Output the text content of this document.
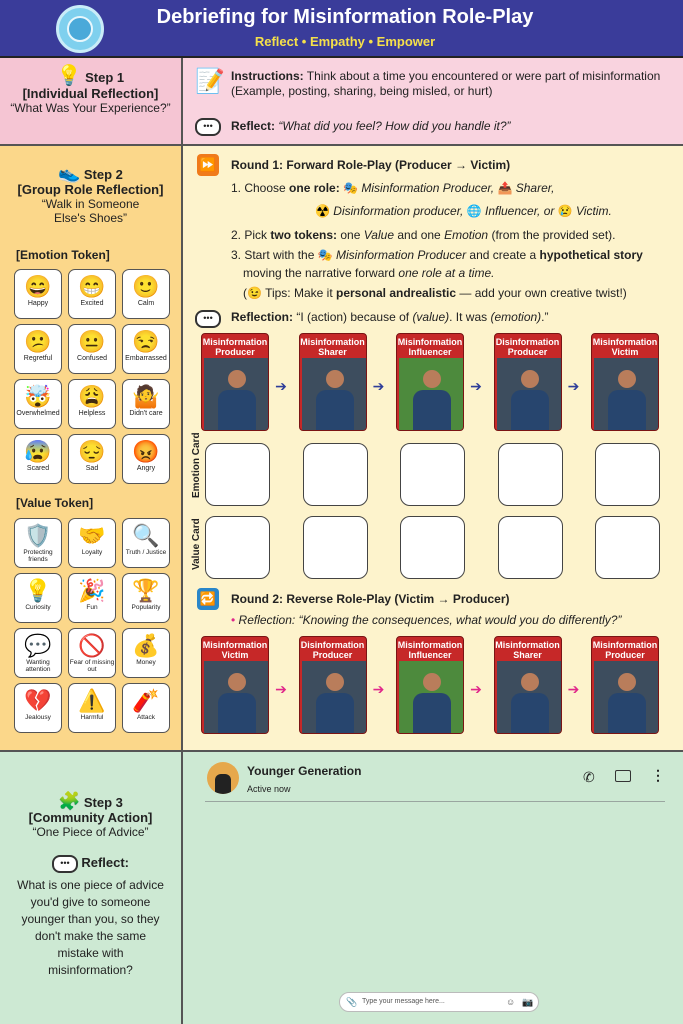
Debriefing for Misinformation Role-Play
Reflect • Empathy • Empower
💡 Step 1
[Individual Reflection]
“What Was Your Experience?”
📝 Instructions: Think about a time you encountered or were part of misinformation (Example, posting, sharing, being misled, or hurt)
•••	Reflect: “What did you feel? How did you handle it?”
👟 Step 2
[Group Role Reflection]
“Walk in Someone Else's Shoes”
[Emotion Token]
😄
Happy
😁
Excited
🙂
Calm
😕
Regretful
😐
Confused
😒
Embarrassed
🤯
Overwhelmed
😩
Helpless
🤷
Didn't care
😰
Scared
😔
Sad
😡
Angry
[Value Token]
🛡️
Protecting friends
🤝
Loyalty
🔍
Truth / Justice
💡
Curiosity
🎉
Fun
🏆
Popularity
💬
Wanting attention
🚫
Fear of missing out
💰
Money
💔
Jealousy
⚠️
Harmful
🧨
Attack
⏩ Round 1: Forward Role-Play (Producer → Victim)
1. Choose one role: 🎭 Misinformation Producer, 📤 Sharer,
☢️ Disinformation producer, 🌐 Influencer, or 😢 Victim.
2. Pick two tokens: one Value and one Emotion (from the provided set).
3. Start with the 🎭 Misinformation Producer and create a hypothetical story
moving the narrative forward one role at a time.
(😉 Tips: Make it personal andrealistic — add your own creative twist!)
•••	Reflection: “I (action) because of (value). It was (emotion).”
Misinformation Producer
➔
Misinformation Sharer
➔
Misinformation Influencer
➔
Disinformation Producer
➔
Misinformation Victim
Emotion Card
Value Card
🔁 Round 2: Reverse Role-Play (Victim → Producer)
• Reflection: “Knowing the consequences, what would you do differently?”
Misinformation Victim
➔
Disinformation Producer
➔
Misinformation Influencer
➔
Misinformation Sharer
➔
Misinformation Producer
🧩 Step 3
[Community Action]
“One Piece of Advice”
••• Reflect:
What is one piece of advice you'd give to someone younger than you, so they don't make the same mistake with misinformation?
Younger Generation
Active now
✆	⋮
📎 Type your message here...	☺ 📷
